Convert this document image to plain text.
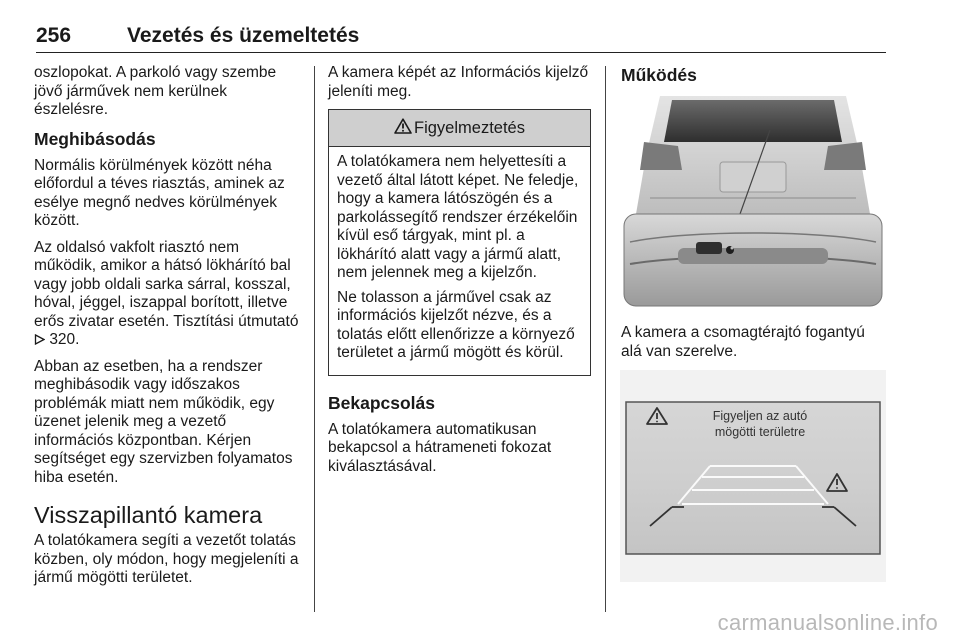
256	Vezetés és üzemeltetés

oszlopokat. A parkoló vagy szembe jövő járművek nem kerülnek észlelésre.

Meghibásodás

Normális körülmények között néha előfordul a téves riasztás, aminek az esélye megnő nedves körülmények között.

Az oldalsó vakfolt riasztó nem működik, amikor a hátsó lökhárító bal vagy jobb oldali sarka sárral, kosszal, hóval, jéggel, iszappal borított, illetve erős zivatar esetén. Tisztítási útmutató  320.

Abban az esetben, ha a rendszer meghibásodik vagy időszakos problémák miatt nem működik, egy üzenet jelenik meg a vezető információs központban. Kérjen segítséget egy szervizben folyamatos hiba esetén.

Visszapillantó kamera

A tolatókamera segíti a vezetőt tolatás közben, oly módon, hogy megjeleníti a jármű mögötti területet.

A kamera képét az Információs kijelző jeleníti meg.

Figyelmeztetés

A tolatókamera nem helyettesíti a vezető által látott képet. Ne feledje, hogy a kamera látószögén és a parkolássegítő rendszer érzékelőin kívül eső tárgyak, mint pl. a lökhárító alatt vagy a jármű alatt, nem jelennek meg a kijelzőn.

Ne tolasson a járművel csak az információs kijelzőt nézve, és a tolatás előtt ellenőrizze a környező területet a jármű mögött és körül.

Bekapcsolás

A tolatókamera automatikusan bekapcsol a hátrameneti fokozat kiválasztásával.

Működés

A kamera a csomagtérajtó fogantyú alá van szerelve.

Figyeljen az autó
mögötti területre
carmanualsonline.info
